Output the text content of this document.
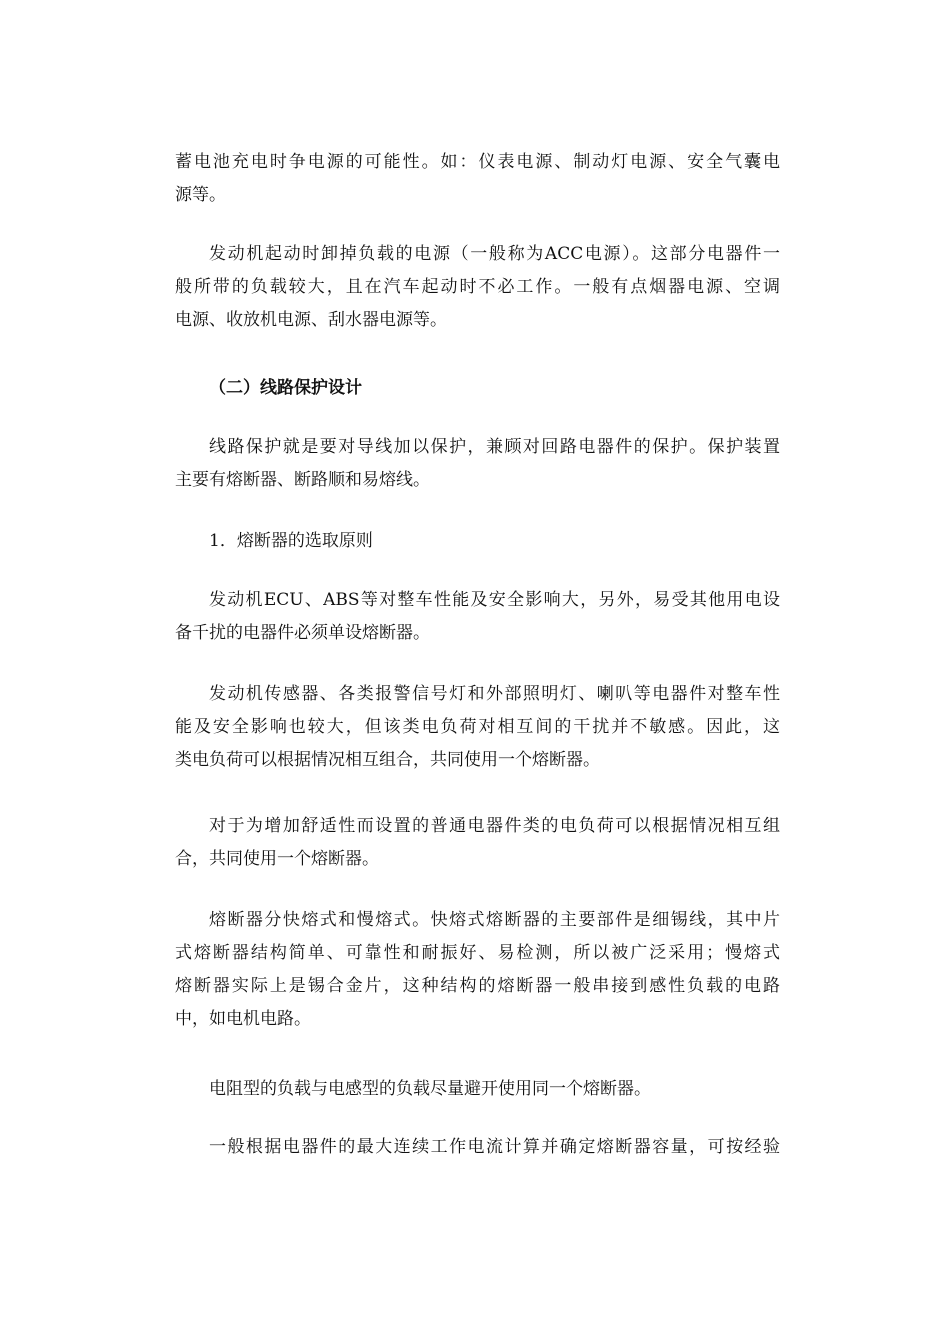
蓄电池充电时争电源的可能性。如：仪表电源、制动灯电源、安全气囊电
源等。
发动机起动时卸掉负载的电源（一般称为ACC电源）。这部分电器件一
般所带的负载较大，且在汽车起动时不必工作。一般有点烟器电源、空调
电源、收放机电源、刮水器电源等。
（二）线路保护设计
线路保护就是要对导线加以保护，兼顾对回路电器件的保护。保护装置
主要有熔断器、断路顺和易熔线。
1．熔断器的选取原则
发动机ECU、ABS等对整车性能及安全影响大，另外，易受其他用电设
备千扰的电器件必须单设熔断器。
发动机传感器、各类报警信号灯和外部照明灯、喇叭等电器件对整车性
能及安全影响也较大，但该类电负荷对相互间的干扰并不敏感。因此，这
类电负荷可以根据情况相互组合，共同使用一个熔断器。
对于为增加舒适性而设置的普通电器件类的电负荷可以根据情况相互组
合，共同使用一个熔断器。
熔断器分快熔式和慢熔式。快熔式熔断器的主要部件是细锡线，其中片
式熔断器结构简单、可靠性和耐振好、易检测，所以被广泛采用；慢熔式
熔断器实际上是锡合金片，这种结构的熔断器一般串接到感性负载的电路
中，如电机电路。
电阻型的负载与电感型的负载尽量避开使用同一个熔断器。
一般根据电器件的最大连续工作电流计算并确定熔断器容量，可按经验
